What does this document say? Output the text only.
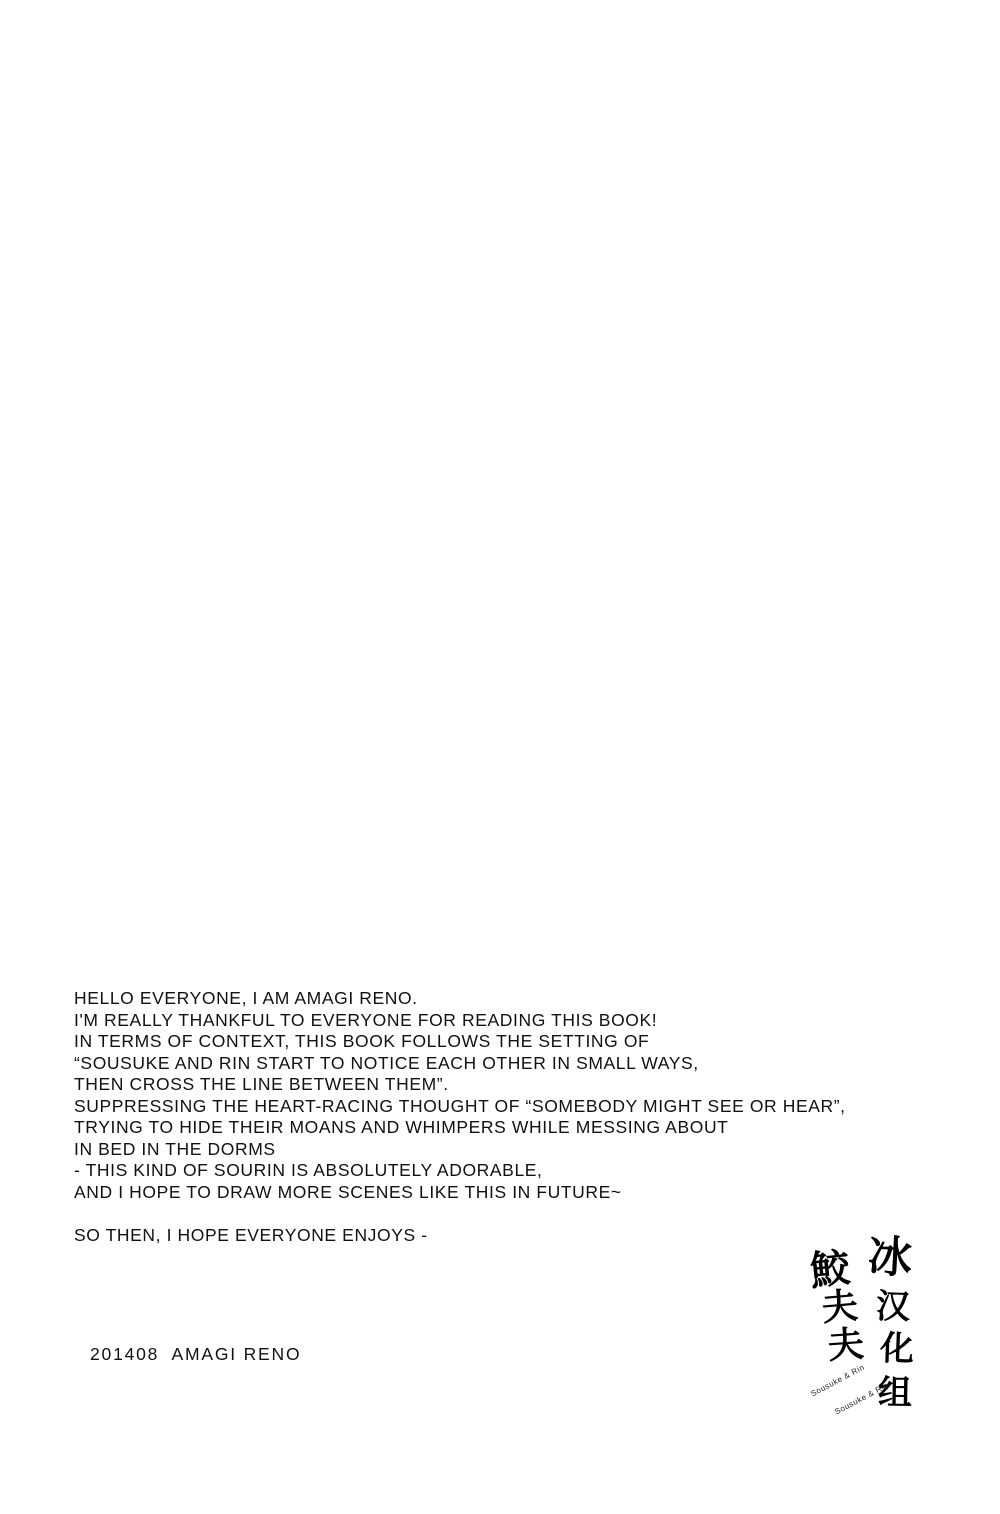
HELLO EVERYONE, I AM AMAGI RENO.
I'M REALLY THANKFUL TO EVERYONE FOR READING THIS BOOK!
IN TERMS OF CONTEXT, THIS BOOK FOLLOWS THE SETTING OF
“SOUSUKE AND RIN START TO NOTICE EACH OTHER IN SMALL WAYS,
THEN CROSS THE LINE BETWEEN THEM”.
SUPPRESSING THE HEART-RACING THOUGHT OF “SOMEBODY MIGHT SEE OR HEAR”,
TRYING TO HIDE THEIR MOANS AND WHIMPERS WHILE MESSING ABOUT
IN BED IN THE DORMS
- THIS KIND OF SOURIN IS ABSOLUTELY ADORABLE,
AND I HOPE TO DRAW MORE SCENES LIKE THIS IN FUTURE~
SO THEN, I HOPE EVERYONE ENJOYS -
201408  AMAGI RENO
鮫
夫
夫
冰
汉
化
组
Sousuke & Rin
Sousuke & Rin
